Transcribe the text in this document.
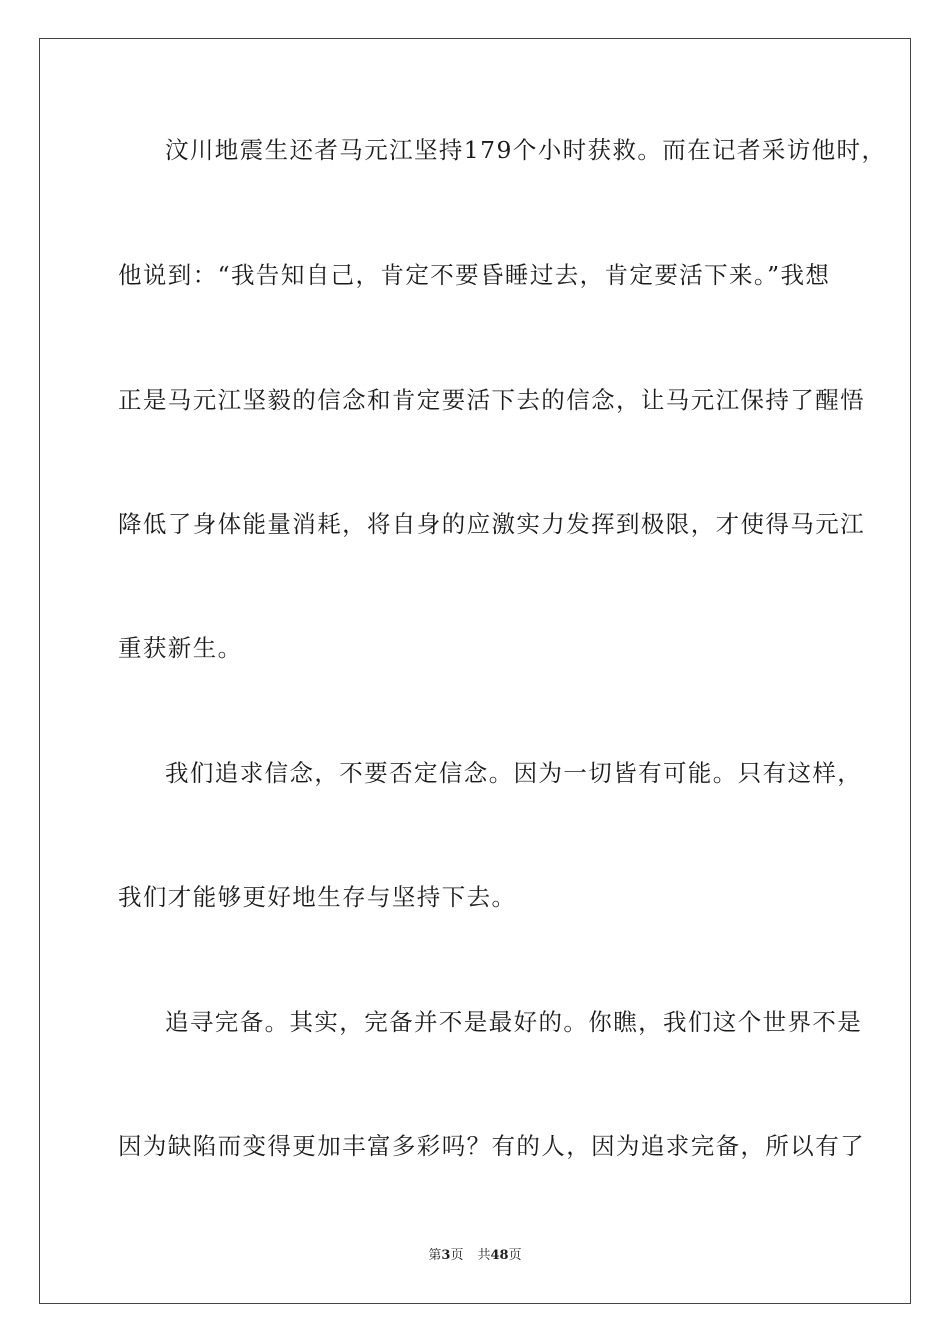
汶川地震生还者马元江坚持179个小时获救。而在记者采访他时，
他说到：“我告知自己，肯定不要昏睡过去，肯定要活下来。”我想
正是马元江坚毅的信念和肯定要活下去的信念，让马元江保持了醒悟
降低了身体能量消耗，将自身的应激实力发挥到极限，才使得马元江
重获新生。
我们追求信念，不要否定信念。因为一切皆有可能。只有这样，
我们才能够更好地生存与坚持下去。
追寻完备。其实，完备并不是最好的。你瞧，我们这个世界不是
因为缺陷而变得更加丰富多彩吗？有的人，因为追求完备，所以有了
第3页 共48页
